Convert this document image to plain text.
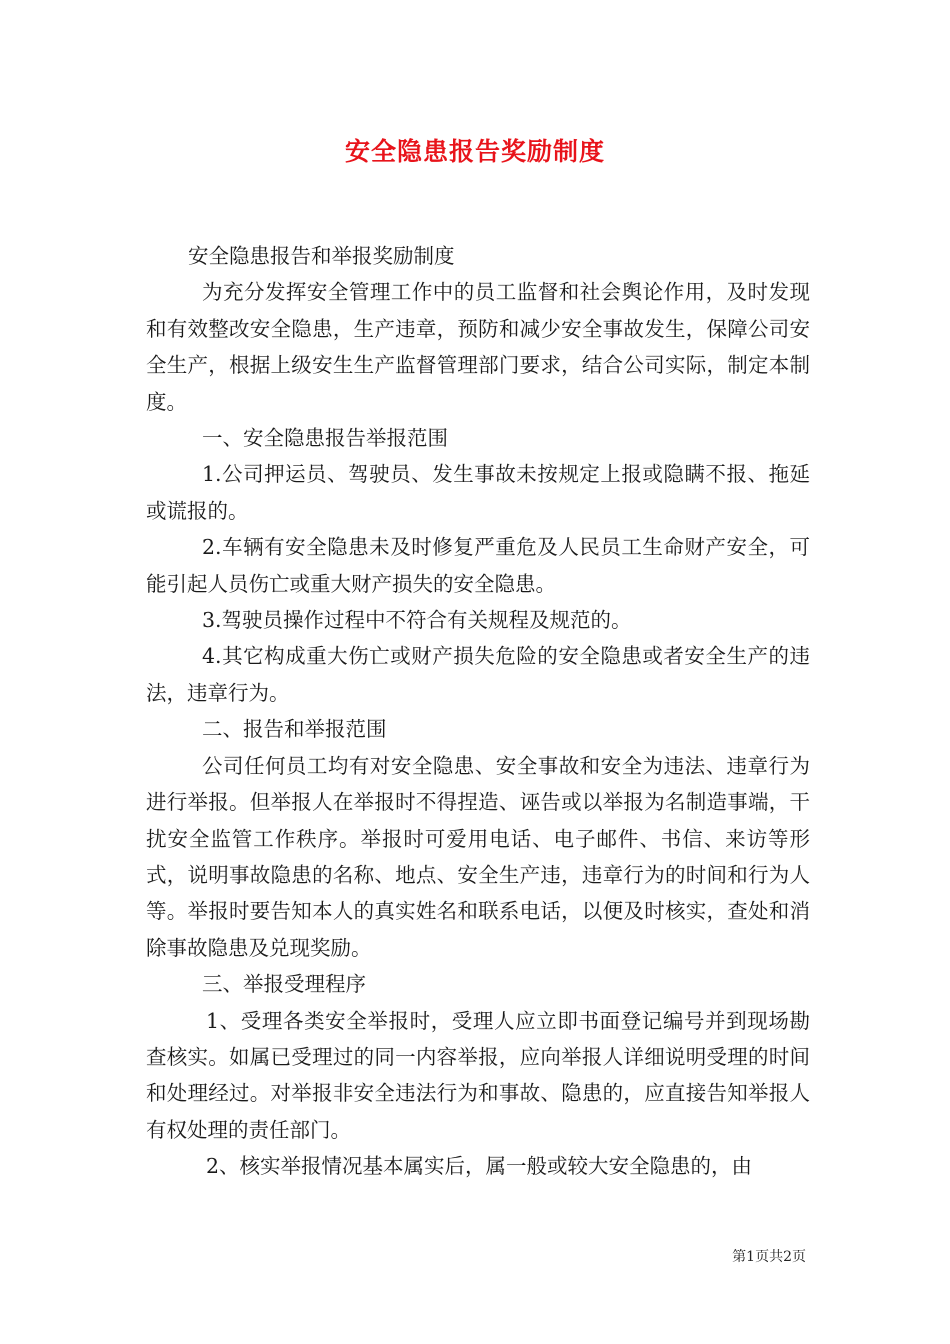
安全隐患报告奖励制度

安全隐患报告和举报奖励制度

为充分发挥安全管理工作中的员工监督和社会舆论作用，及时发现和有效整改安全隐患，生产违章，预防和减少安全事故发生，保障公司安全生产，根据上级安生生产监督管理部门要求，结合公司实际，制定本制度。

一、安全隐患报告举报范围

1.公司押运员、驾驶员、发生事故未按规定上报或隐瞒不报、拖延或谎报的。

2.车辆有安全隐患未及时修复严重危及人民员工生命财产安全，可能引起人员伤亡或重大财产损失的安全隐患。

3.驾驶员操作过程中不符合有关规程及规范的。

4.其它构成重大伤亡或财产损失危险的安全隐患或者安全生产的违法，违章行为。

二、报告和举报范围

公司任何员工均有对安全隐患、安全事故和安全为违法、违章行为进行举报。但举报人在举报时不得捏造、诬告或以举报为名制造事端，干扰安全监管工作秩序。举报时可爱用电话、电子邮件、书信、来访等形式，说明事故隐患的名称、地点、安全生产违，违章行为的时间和行为人等。举报时要告知本人的真实姓名和联系电话，以便及时核实，查处和消除事故隐患及兑现奖励。

三、举报受理程序

1、受理各类安全举报时，受理人应立即书面登记编号并到现场勘查核实。如属已受理过的同一内容举报，应向举报人详细说明受理的时间和处理经过。对举报非安全违法行为和事故、隐患的，应直接告知举报人有权处理的责任部门。

2、核实举报情况基本属实后，属一般或较大安全隐患的，由

第1页共2页
